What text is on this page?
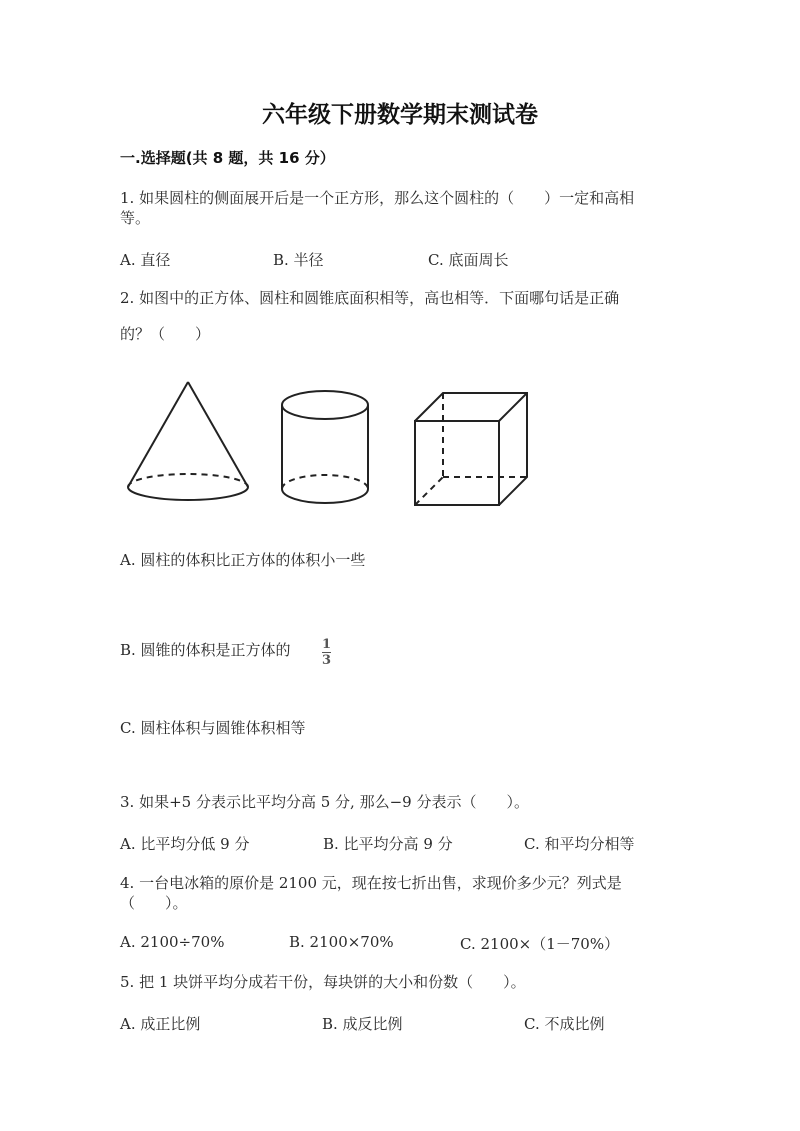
六年级下册数学期末测试卷
一.选择题(共 8 题，共 16 分）
1. 如果圆柱的侧面展开后是一个正方形，那么这个圆柱的（　　）一定和高相
等。
A. 直径	B. 半径	C. 底面周长
2. 如图中的正方体、圆柱和圆锥底面积相等，高也相等．下面哪句话是正确
的？（　　）
A. 圆柱的体积比正方体的体积小一些
B. 圆锥的体积是正方体的 $\frac{1}{3}$
C. 圆柱体积与圆锥体积相等
3. 如果+5 分表示比平均分高 5 分, 那么−9 分表示（　　）。
A. 比平均分低 9 分	B. 比平均分高 9 分	C. 和平均分相等
4. 一台电冰箱的原价是 2100 元，现在按七折出售，求现价多少元？列式是
（　　）。
A. 2100÷70%	B. 2100×70%	C. 2100×（1－70%）
5. 把 1 块饼平均分成若干份，每块饼的大小和份数（　　）。
A. 成正比例	B. 成反比例	C. 不成比例
